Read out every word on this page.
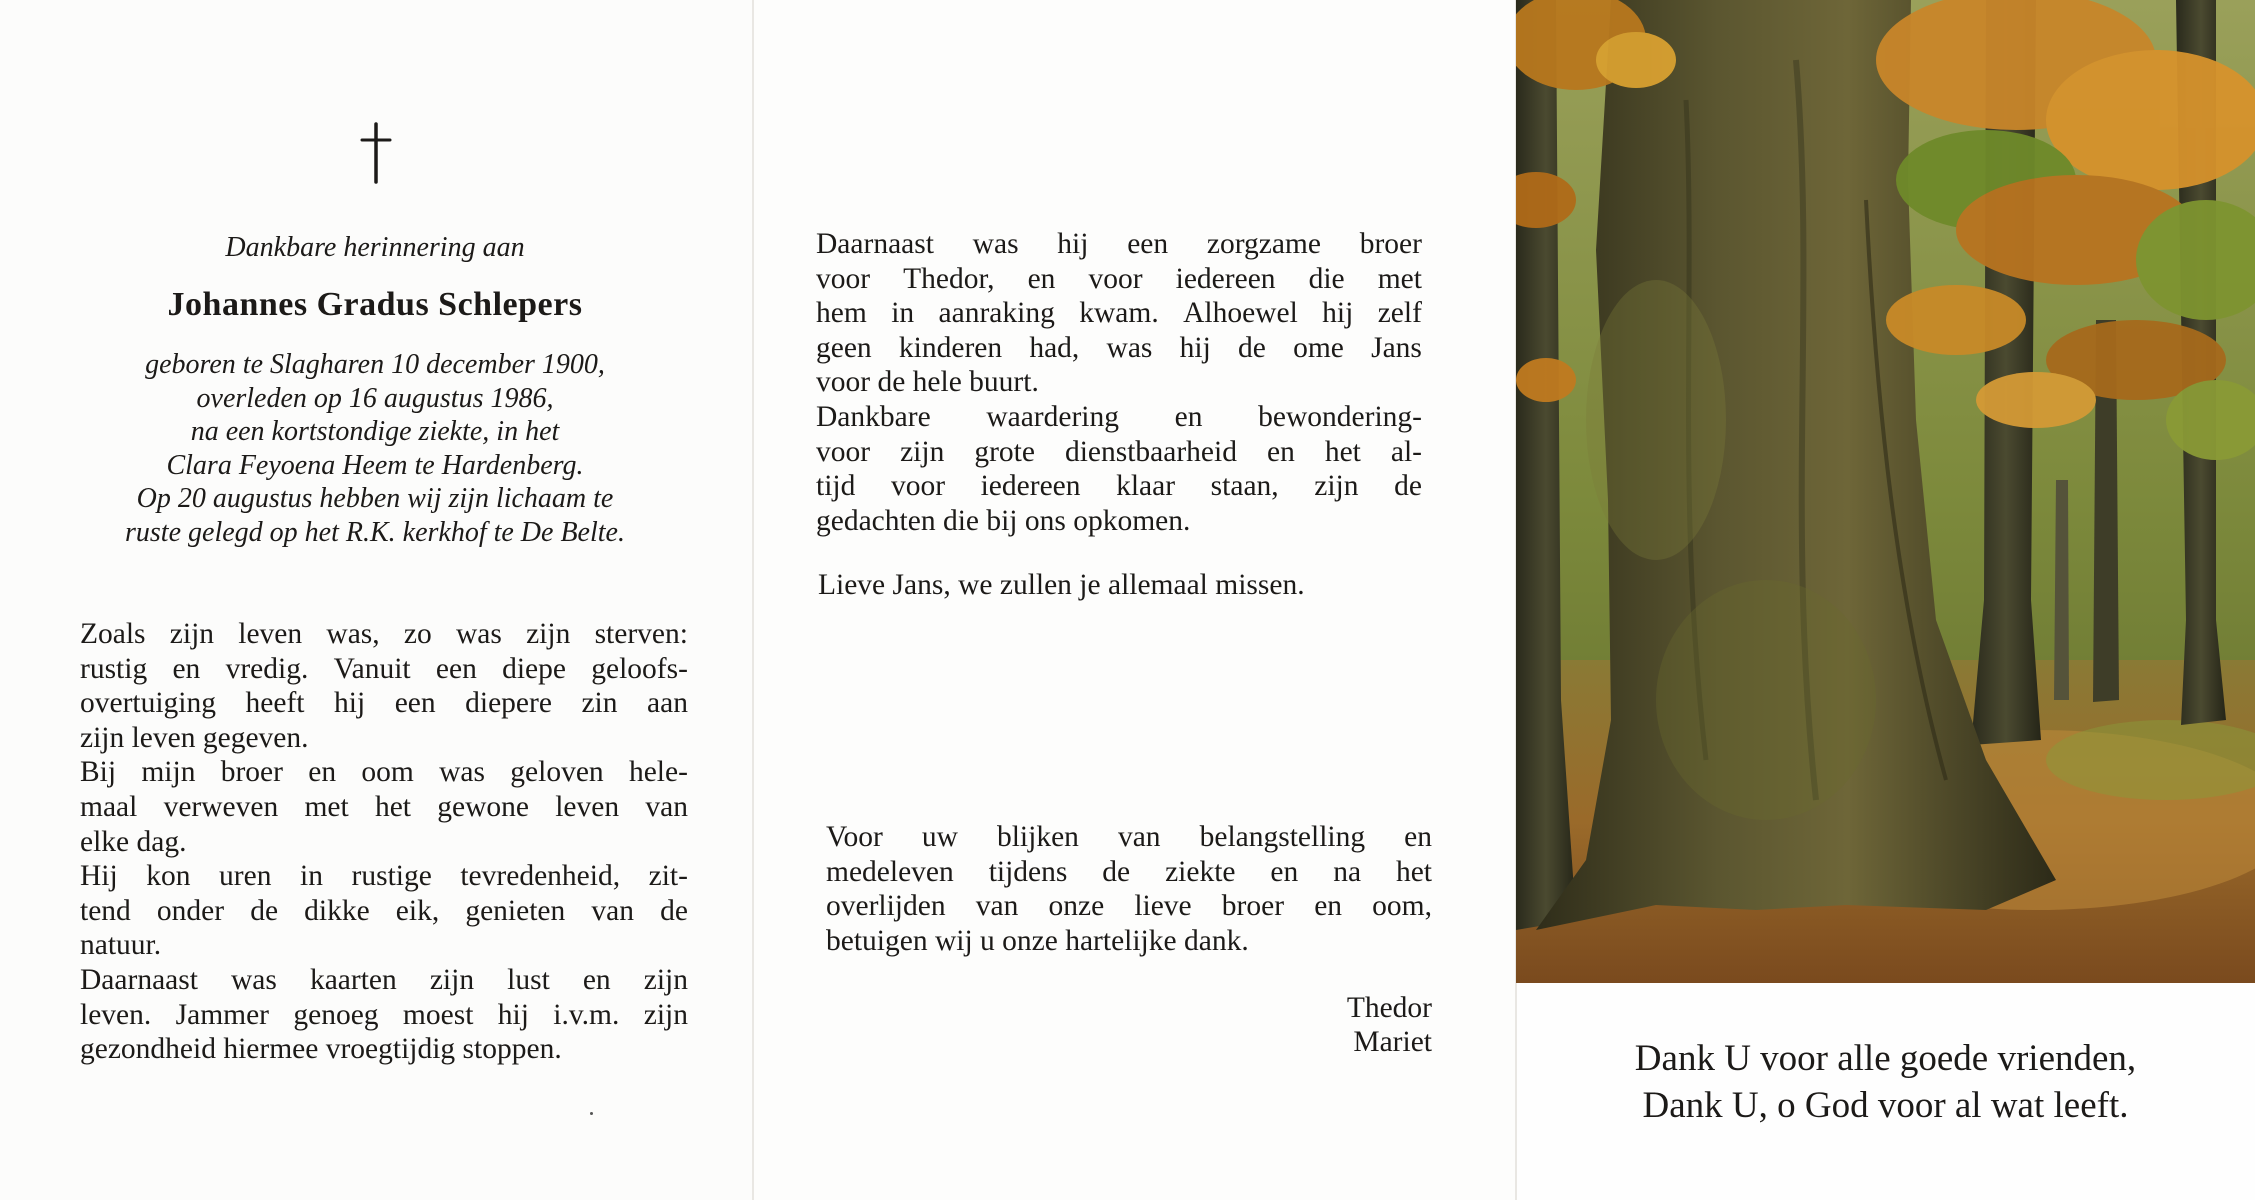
Dankbare herinnering aan
Johannes Gradus Schlepers
geboren te Slagharen 10 december 1900,
overleden op 16 augustus 1986,
na een kortstondige ziekte, in het
Clara Feyoena Heem te Hardenberg.
Op 20 augustus hebben wij zijn lichaam te
ruste gelegd op het R.K. kerkhof te De Belte.
Zoals zijn leven was, zo was zijn sterven:
rustig en vredig. Vanuit een diepe geloofs-
overtuiging heeft hij een diepere zin aan
zijn leven gegeven.
Bij mijn broer en oom was geloven hele-
maal verweven met het gewone leven van
elke dag.
Hij kon uren in rustige tevredenheid, zit-
tend onder de dikke eik, genieten van de
natuur.
Daarnaast was kaarten zijn lust en zijn
leven. Jammer genoeg moest hij i.v.m. zijn
gezondheid hiermee vroegtijdig stoppen.
Daarnaast was hij een zorgzame broer
voor Thedor, en voor iedereen die met
hem in aanraking kwam. Alhoewel hij zelf
geen kinderen had, was hij de ome Jans
voor de hele buurt.
Dankbare waardering en bewondering-
voor zijn grote dienstbaarheid en het al-
tijd voor iedereen klaar staan, zijn de
gedachten die bij ons opkomen.
Lieve Jans, we zullen je allemaal missen.
Voor uw blijken van belangstelling en
medeleven tijdens de ziekte en na het
overlijden van onze lieve broer en oom,
betuigen wij u onze hartelijke dank.
Thedor
Mariet	Dank U voor alle goede vrienden,
Dank U, o God voor al wat leeft.
